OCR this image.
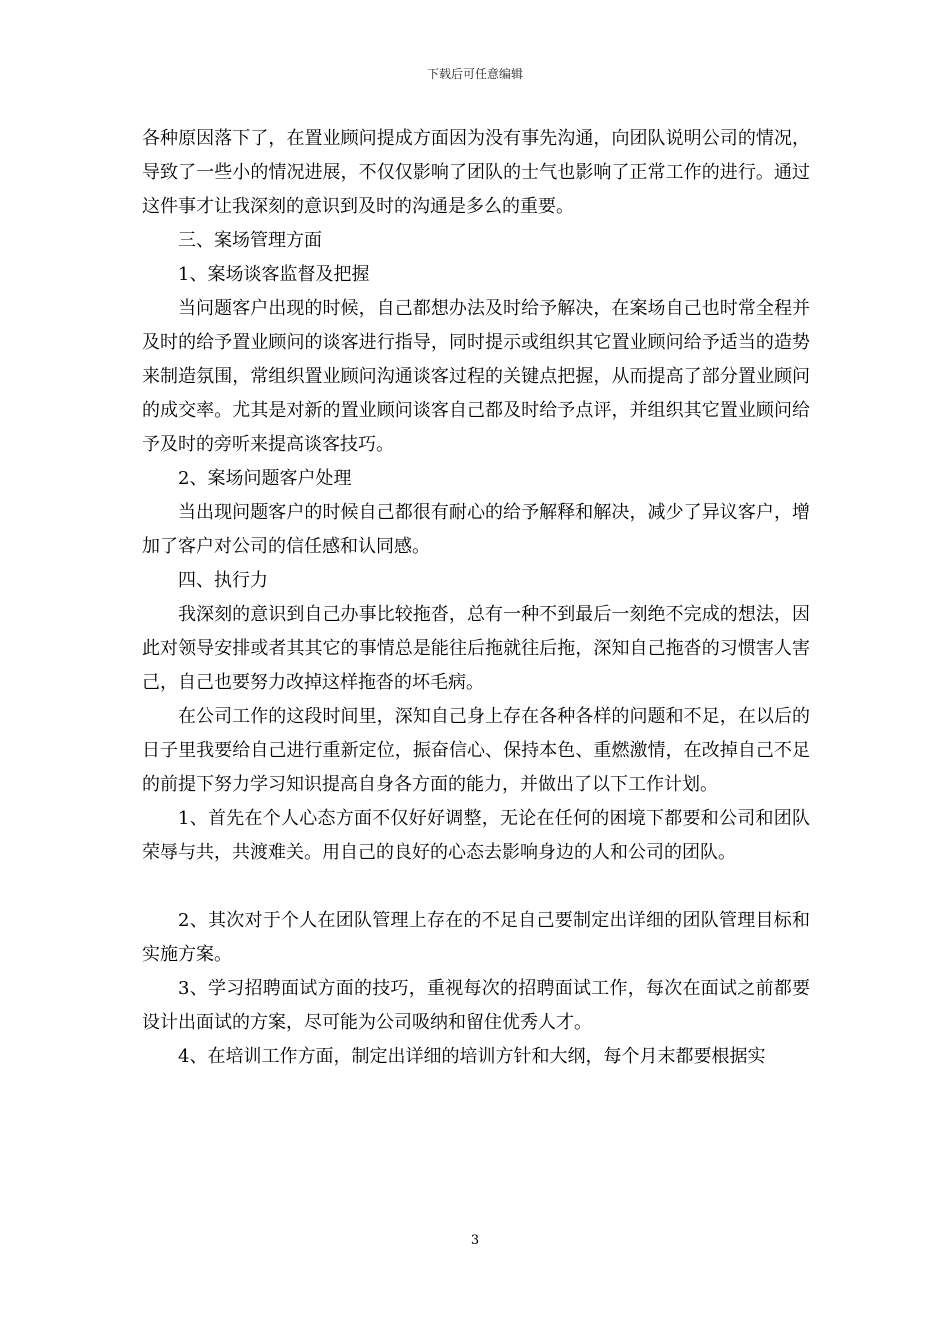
下载后可任意编辑

各种原因落下了，在置业顾问提成方面因为没有事先沟通，向团队说明公司的情况，导致了一些小的情况进展，不仅仅影响了团队的士气也影响了正常工作的进行。通过这件事才让我深刻的意识到及时的沟通是多么的重要。

三、案场管理方面

1、案场谈客监督及把握

当问题客户出现的时候，自己都想办法及时给予解决，在案场自己也时常全程并及时的给予置业顾问的谈客进行指导，同时提示或组织其它置业顾问给予适当的造势来制造氛围，常组织置业顾问沟通谈客过程的关键点把握，从而提高了部分置业顾问的成交率。尤其是对新的置业顾问谈客自己都及时给予点评，并组织其它置业顾问给予及时的旁听来提高谈客技巧。

2、案场问题客户处理

当出现问题客户的时候自己都很有耐心的给予解释和解决，减少了异议客户，增加了客户对公司的信任感和认同感。

四、执行力

我深刻的意识到自己办事比较拖沓，总有一种不到最后一刻绝不完成的想法，因此对领导安排或者其其它的事情总是能往后拖就往后拖，深知自己拖沓的习惯害人害己，自己也要努力改掉这样拖沓的坏毛病。

在公司工作的这段时间里，深知自己身上存在各种各样的问题和不足，在以后的日子里我要给自己进行重新定位，振奋信心、保持本色、重燃激情，在改掉自己不足的前提下努力学习知识提高自身各方面的能力，并做出了以下工作计划。

1、首先在个人心态方面不仅好好调整，无论在任何的困境下都要和公司和团队荣辱与共，共渡难关。用自己的良好的心态去影响身边的人和公司的团队。

2、其次对于个人在团队管理上存在的不足自己要制定出详细的团队管理目标和实施方案。

3、学习招聘面试方面的技巧，重视每次的招聘面试工作，每次在面试之前都要设计出面试的方案，尽可能为公司吸纳和留住优秀人才。

4、在培训工作方面，制定出详细的培训方针和大纲，每个月末都要根据实

3
